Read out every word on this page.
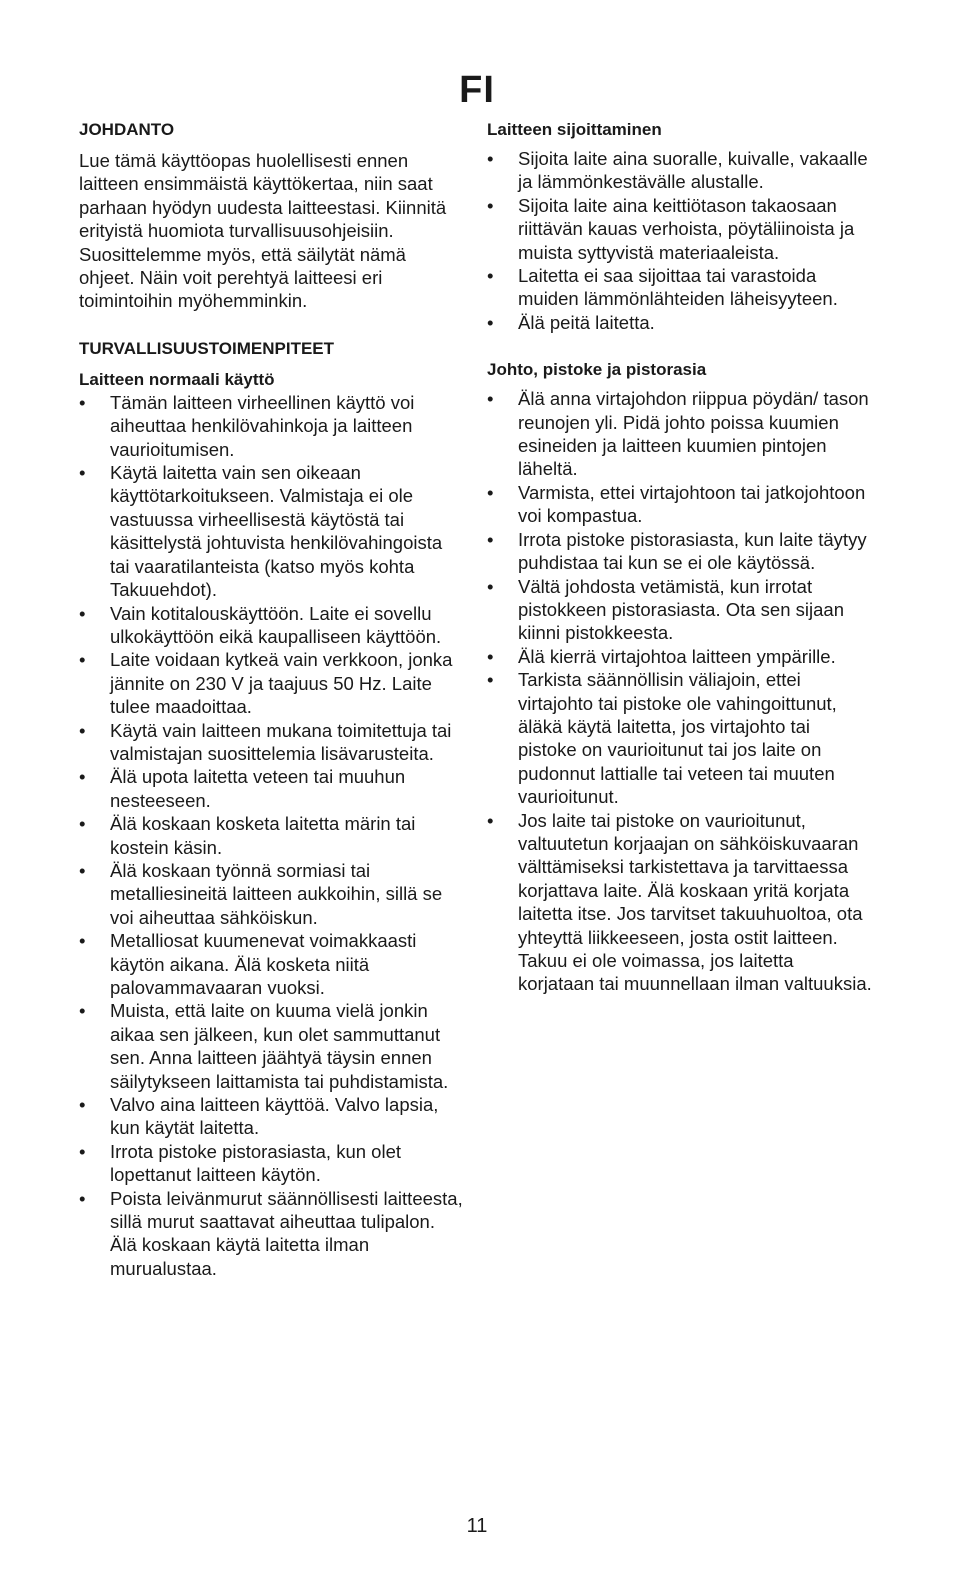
FI
JOHDANTO

Lue tämä käyttöopas huolellisesti ennen laitteen ensimmäistä käyttökertaa, niin saat parhaan hyödyn uudesta laitteestasi. Kiinnitä erityistä huomiota turvallisuusohjeisiin. Suosittelemme myös, että säilytät nämä ohjeet. Näin voit perehtyä laitteesi eri toimintoihin myöhemminkin.

TURVALLISUUSTOIMENPITEET
Laitteen normaali käyttö
• Tämän laitteen virheellinen käyttö voi aiheuttaa henkilövahinkoja ja laitteen vaurioitumisen.
• Käytä laitetta vain sen oikeaan käyttötarkoitukseen. Valmistaja ei ole vastuussa virheellisestä käytöstä tai käsittelystä johtuvista henkilövahingoista tai vaaratilanteista (katso myös kohta Takuuehdot).
• Vain kotitalouskäyttöön. Laite ei sovellu ulkokäyttöön eikä kaupalliseen käyttöön.
• Laite voidaan kytkeä vain verkkoon, jonka jännite on 230 V ja taajuus 50 Hz. Laite tulee maadoittaa.
• Käytä vain laitteen mukana toimitettuja tai valmistajan suosittelemia lisävarusteita.
• Älä upota laitetta veteen tai muuhun nesteeseen.
• Älä koskaan kosketa laitetta märin tai kostein käsin.
• Älä koskaan työnnä sormiasi tai metalliesineitä laitteen aukkoihin, sillä se voi aiheuttaa sähköiskun.
• Metalliosat kuumenevat voimakkaasti käytön aikana. Älä kosketa niitä palovammavaaran vuoksi.
• Muista, että laite on kuuma vielä jonkin aikaa sen jälkeen, kun olet sammuttanut sen. Anna laitteen jäähtyä täysin ennen säilytykseen laittamista tai puhdistamista.
• Valvo aina laitteen käyttöä. Valvo lapsia, kun käytät laitetta.
• Irrota pistoke pistorasiasta, kun olet lopettanut laitteen käytön.
• Poista leivänmurut säännöllisesti laitteesta, sillä murut saattavat aiheuttaa tulipalon. Älä koskaan käytä laitetta ilman murualustaa.
Laitteen sijoittaminen
• Sijoita laite aina suoralle, kuivalle, vakaalle ja lämmönkestävälle alustalle.
• Sijoita laite aina keittiötason takaosaan riittävän kauas verhoista, pöytäliinoista ja muista syttyvistä materiaaleista.
• Laitetta ei saa sijoittaa tai varastoida muiden lämmönlähteiden läheisyyteen.
• Älä peitä laitetta.
Johto, pistoke ja pistorasia
• Älä anna virtajohdon riippua pöydän/ tason reunojen yli. Pidä johto poissa kuumien esineiden ja laitteen kuumien pintojen läheltä.
• Varmista, ettei virtajohtoon tai jatkojohtoon voi kompastua.
• Irrota pistoke pistorasiasta, kun laite täytyy puhdistaa tai kun se ei ole käytössä.
• Vältä johdosta vetämistä, kun irrotat pistokkeen pistorasiasta. Ota sen sijaan kiinni pistokkeesta.
• Älä kierrä virtajohtoa laitteen ympärille.
• Tarkista säännöllisin väliajoin, ettei virtajohto tai pistoke ole vahingoittunut, äläkä käytä laitetta, jos virtajohto tai pistoke on vaurioitunut tai jos laite on pudonnut lattialle tai veteen tai muuten vaurioitunut.
• Jos laite tai pistoke on vaurioitunut, valtuutetun korjaajan on sähköiskuvaaran välttämiseksi tarkistettava ja tarvittaessa korjattava laite. Älä koskaan yritä korjata laitetta itse. Jos tarvitset takuuhuoltoa, ota yhteyttä liikkeeseen, josta ostit laitteen. Takuu ei ole voimassa, jos laitetta korjataan tai muunnellaan ilman valtuuksia.
11
